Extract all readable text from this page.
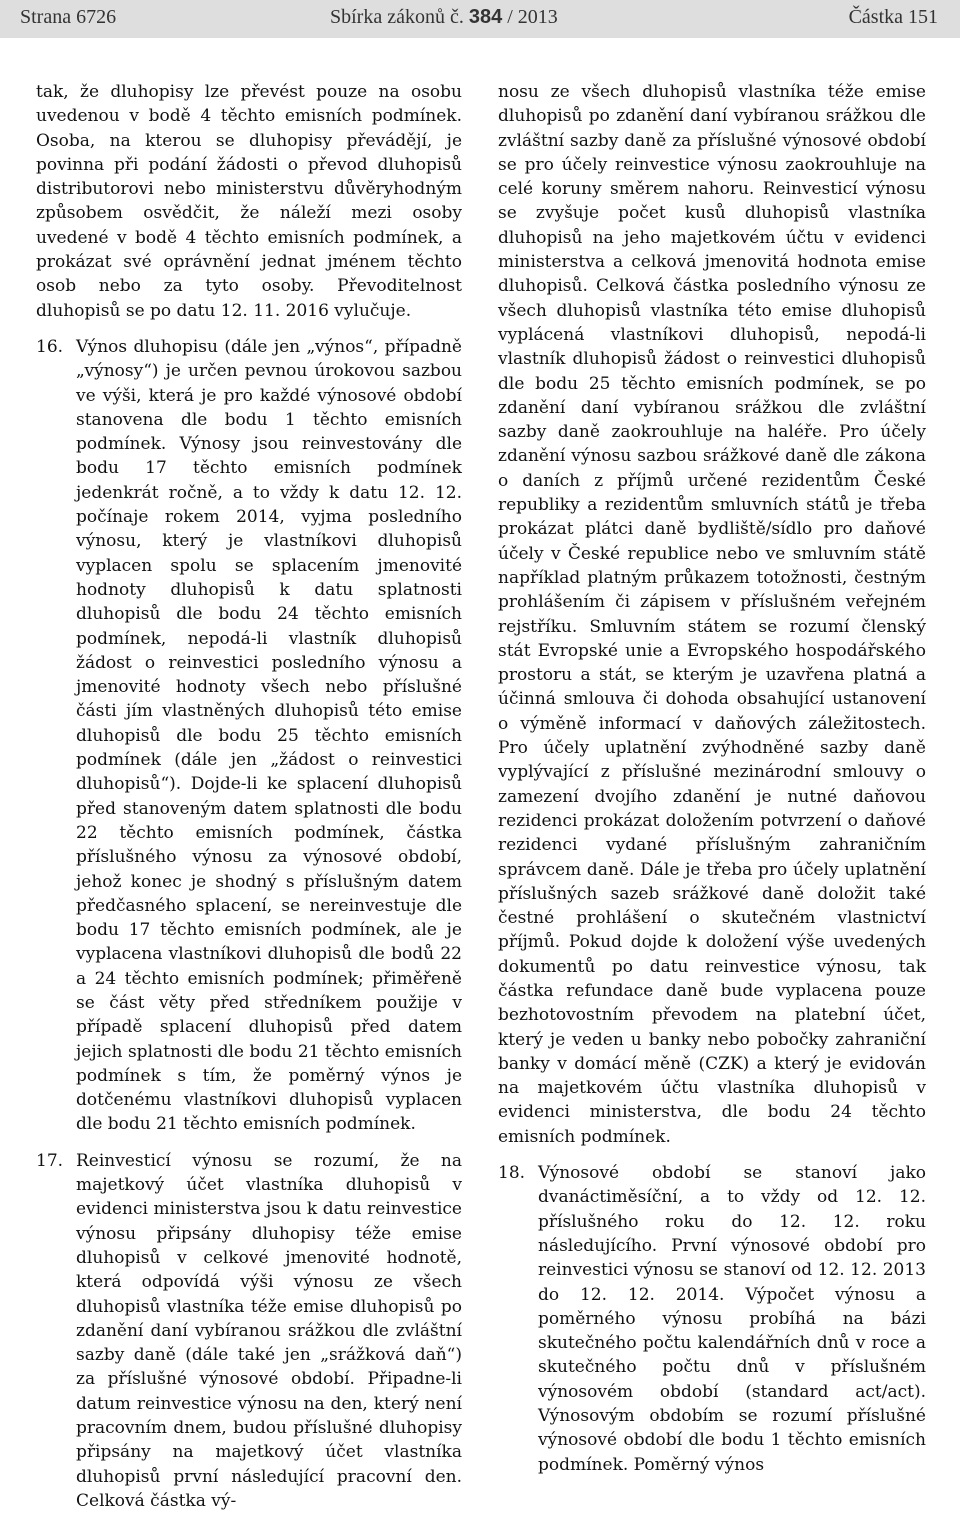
Strana 6726	Sbírka zákonů č. 384 / 2013	Částka 151

tak, že dluhopisy lze převést pouze na osobu uvedenou v bodě 4 těchto emisních podmínek. Osoba, na kterou se dluhopisy převádějí, je povinna při podání žádosti o převod dluhopisů distributorovi nebo ministerstvu důvěryhodným způsobem osvědčit, že náleží mezi osoby uvedené v bodě 4 těchto emisních podmínek, a prokázat své oprávnění jednat jménem těchto osob nebo za tyto osoby. Převoditelnost dluhopisů se po datu 12. 11. 2016 vylučuje.

16. Výnos dluhopisu (dále jen „výnos“, případně „výnosy“) je určen pevnou úrokovou sazbou ve výši, která je pro každé výnosové období stanovena dle bodu 1 těchto emisních podmínek. Výnosy jsou reinvestovány dle bodu 17 těchto emisních podmínek jedenkrát ročně, a to vždy k datu 12. 12. počínaje rokem 2014, vyjma posledního výnosu, který je vlastníkovi dluhopisů vyplacen spolu se splacením jmenovité hodnoty dluhopisů k datu splatnosti dluhopisů dle bodu 24 těchto emisních podmínek, nepodá-li vlastník dluhopisů žádost o reinvestici posledního výnosu a jmenovité hodnoty všech nebo příslušné části jím vlastněných dluhopisů této emise dluhopisů dle bodu 25 těchto emisních podmínek (dále jen „žádost o reinvestici dluhopisů“). Dojde-li ke splacení dluhopisů před stanoveným datem splatnosti dle bodu 22 těchto emisních podmínek, částka příslušného výnosu za výnosové období, jehož konec je shodný s příslušným datem předčasného splacení, se nereinvestuje dle bodu 17 těchto emisních podmínek, ale je vyplacena vlastníkovi dluhopisů dle bodů 22 a 24 těchto emisních podmínek; přiměřeně se část věty před středníkem použije v případě splacení dluhopisů před datem jejich splatnosti dle bodu 21 těchto emisních podmínek s tím, že poměrný výnos je dotčenému vlastníkovi dluhopisů vyplacen dle bodu 21 těchto emisních podmínek.
17. Reinvesticí výnosu se rozumí, že na majetkový účet vlastníka dluhopisů v evidenci ministerstva jsou k datu reinvestice výnosu připsány dluhopisy téže emise dluhopisů v celkové jmenovité hodnotě, která odpovídá výši výnosu ze všech dluhopisů vlastníka téže emise dluhopisů po zdanění daní vybíranou srážkou dle zvláštní sazby daně (dále také jen „srážková daň“) za příslušné výnosové období. Připadne-li datum reinvestice výnosu na den, který není pracovním dnem, budou příslušné dluhopisy připsány na majetkový účet vlastníka dluhopisů první následující pracovní den. Celková částka vý-

nosu ze všech dluhopisů vlastníka téže emise dluhopisů po zdanění daní vybíranou srážkou dle zvláštní sazby daně za příslušné výnosové období se pro účely reinvestice výnosu zaokrouhluje na celé koruny směrem nahoru. Reinvesticí výnosu se zvyšuje počet kusů dluhopisů vlastníka dluhopisů na jeho majetkovém účtu v evidenci ministerstva a celková jmenovitá hodnota emise dluhopisů. Celková částka posledního výnosu ze všech dluhopisů vlastníka této emise dluhopisů vyplácená vlastníkovi dluhopisů, nepodá-li vlastník dluhopisů žádost o reinvestici dluhopisů dle bodu 25 těchto emisních podmínek, se po zdanění daní vybíranou srážkou dle zvláštní sazby daně zaokrouhluje na haléře. Pro účely zdanění výnosu sazbou srážkové daně dle zákona o daních z příjmů určené rezidentům České republiky a rezidentům smluvních států je třeba prokázat plátci daně bydliště/sídlo pro daňové účely v České republice nebo ve smluvním státě například platným průkazem totožnosti, čestným prohlášením či zápisem v příslušném veřejném rejstříku. Smluvním státem se rozumí členský stát Evropské unie a Evropského hospodářského prostoru a stát, se kterým je uzavřena platná a účinná smlouva či dohoda obsahující ustanovení o výměně informací v daňových záležitostech. Pro účely uplatnění zvýhodněné sazby daně vyplývající z příslušné mezinárodní smlouvy o zamezení dvojího zdanění je nutné daňovou rezidenci prokázat doložením potvrzení o daňové rezidenci vydané příslušným zahraničním správcem daně. Dále je třeba pro účely uplatnění příslušných sazeb srážkové daně doložit také čestné prohlášení o skutečném vlastnictví příjmů. Pokud dojde k doložení výše uvedených dokumentů po datu reinvestice výnosu, tak částka refundace daně bude vyplacena pouze bezhotovostním převodem na platební účet, který je veden u banky nebo pobočky zahraniční banky v domácí měně (CZK) a který je evidován na majetkovém účtu vlastníka dluhopisů v evidenci ministerstva, dle bodu 24 těchto emisních podmínek.

18. Výnosové období se stanoví jako dvanáctiměsíční, a to vždy od 12. 12. příslušného roku do 12. 12. roku následujícího. První výnosové období pro reinvestici výnosu se stanoví od 12. 12. 2013 do 12. 12. 2014. Výpočet výnosu a poměrného výnosu probíhá na bázi skutečného počtu kalendářních dnů v roce a skutečného počtu dnů v příslušném výnosovém období (standard act/act). Výnosovým obdobím se rozumí příslušné výnosové období dle bodu 1 těchto emisních podmínek. Poměrný výnos
